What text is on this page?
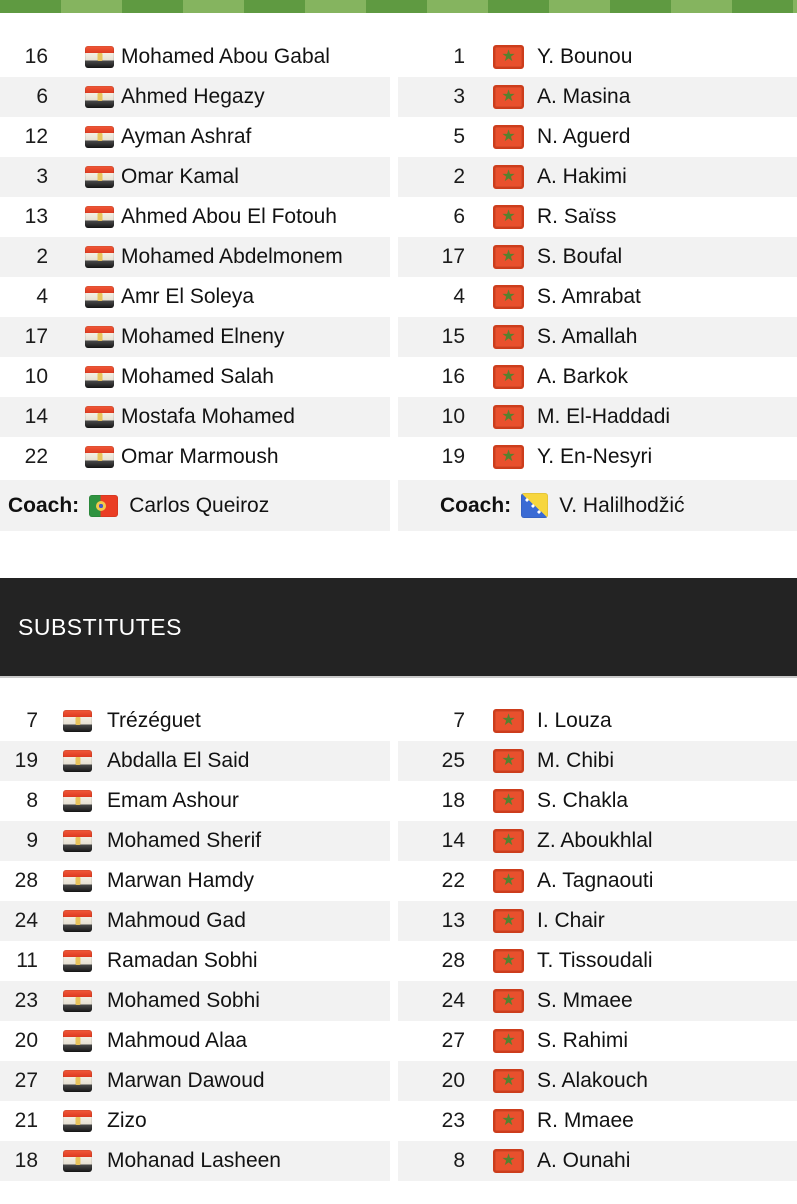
16	Mohamed Abou Gabal	1 ★	Y. Bounou
6	Ahmed Hegazy	3 ★	A. Masina
12	Ayman Ashraf	5 ★	N. Aguerd
3	Omar Kamal	2 ★	A. Hakimi
13	Ahmed Abou El Fotouh	6 ★	R. Saïss
2	Mohamed Abdelmonem	17 ★	S. Boufal
4	Amr El Soleya	4 ★	S. Amrabat
17	Mohamed Elneny	15 ★	S. Amallah
10	Mohamed Salah	16 ★	A. Barkok
14	Mostafa Mohamed	10 ★	M. El-Haddadi
22	Omar Marmoush	19 ★	Y. En-Nesyri
Coach: Carlos Queiroz	Coach: V. Halilhodžić
SUBSTITUTES
7	Trézéguet	7 ★	I. Louza
19	Abdalla El Said	25 ★	M. Chibi
8	Emam Ashour	18 ★	S. Chakla
9	Mohamed Sherif	14 ★	Z. Aboukhlal
28	Marwan Hamdy	22 ★	A. Tagnaouti
24	Mahmoud Gad	13 ★	I. Chair
11	Ramadan Sobhi	28 ★	T. Tissoudali
23	Mohamed Sobhi	24 ★	S. Mmaee
20	Mahmoud Alaa	27 ★	S. Rahimi
27	Marwan Dawoud	20 ★	S. Alakouch
21	Zizo	23 ★	R. Mmaee
18	Mohanad Lasheen	8 ★	A. Ounahi
